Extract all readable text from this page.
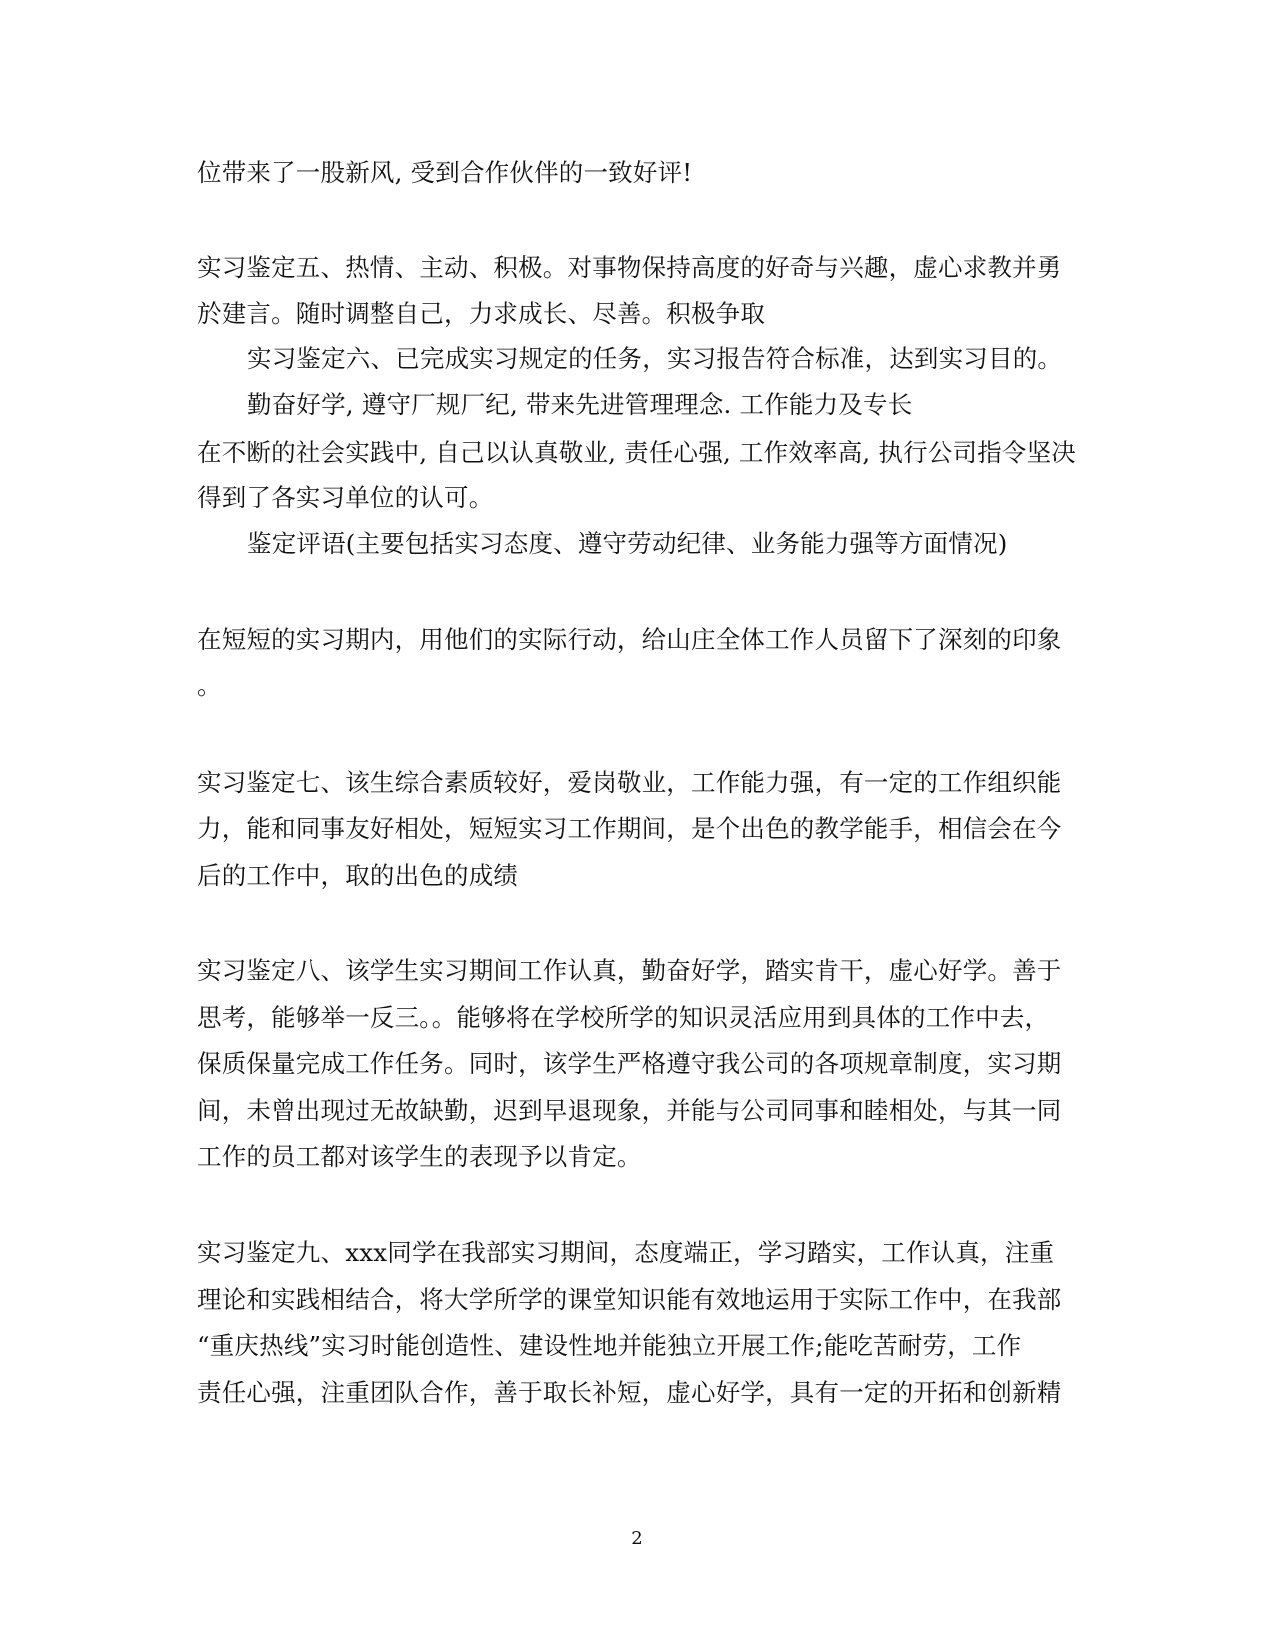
位带来了一股新风, 受到合作伙伴的一致好评!
实习鉴定五、热情、主动、积极。对事物保持高度的好奇与兴趣，虚心求教并勇
於建言。随时调整自己，力求成长、尽善。积极争取
实习鉴定六、已完成实习规定的任务，实习报告符合标准，达到实习目的。
勤奋好学, 遵守厂规厂纪, 带来先进管理理念. 工作能力及专长
在不断的社会实践中, 自己以认真敬业, 责任心强, 工作效率高, 执行公司指令坚决
得到了各实习单位的认可。
鉴定评语(主要包括实习态度、遵守劳动纪律、业务能力强等方面情况)
在短短的实习期内，用他们的实际行动，给山庄全体工作人员留下了深刻的印象
。
实习鉴定七、该生综合素质较好，爱岗敬业，工作能力强，有一定的工作组织能
力，能和同事友好相处，短短实习工作期间，是个出色的教学能手，相信会在今
后的工作中，取的出色的成绩
实习鉴定八、该学生实习期间工作认真，勤奋好学，踏实肯干，虚心好学。善于
思考，能够举一反三。。能够将在学校所学的知识灵活应用到具体的工作中去，
保质保量完成工作任务。同时，该学生严格遵守我公司的各项规章制度，实习期
间，未曾出现过无故缺勤，迟到早退现象，并能与公司同事和睦相处，与其一同
工作的员工都对该学生的表现予以肯定。
实习鉴定九、xxx同学在我部实习期间，态度端正，学习踏实，工作认真，注重
理论和实践相结合，将大学所学的课堂知识能有效地运用于实际工作中，在我部
“重庆热线”实习时能创造性、建设性地并能独立开展工作;能吃苦耐劳，工作
责任心强，注重团队合作，善于取长补短，虚心好学，具有一定的开拓和创新精
2
